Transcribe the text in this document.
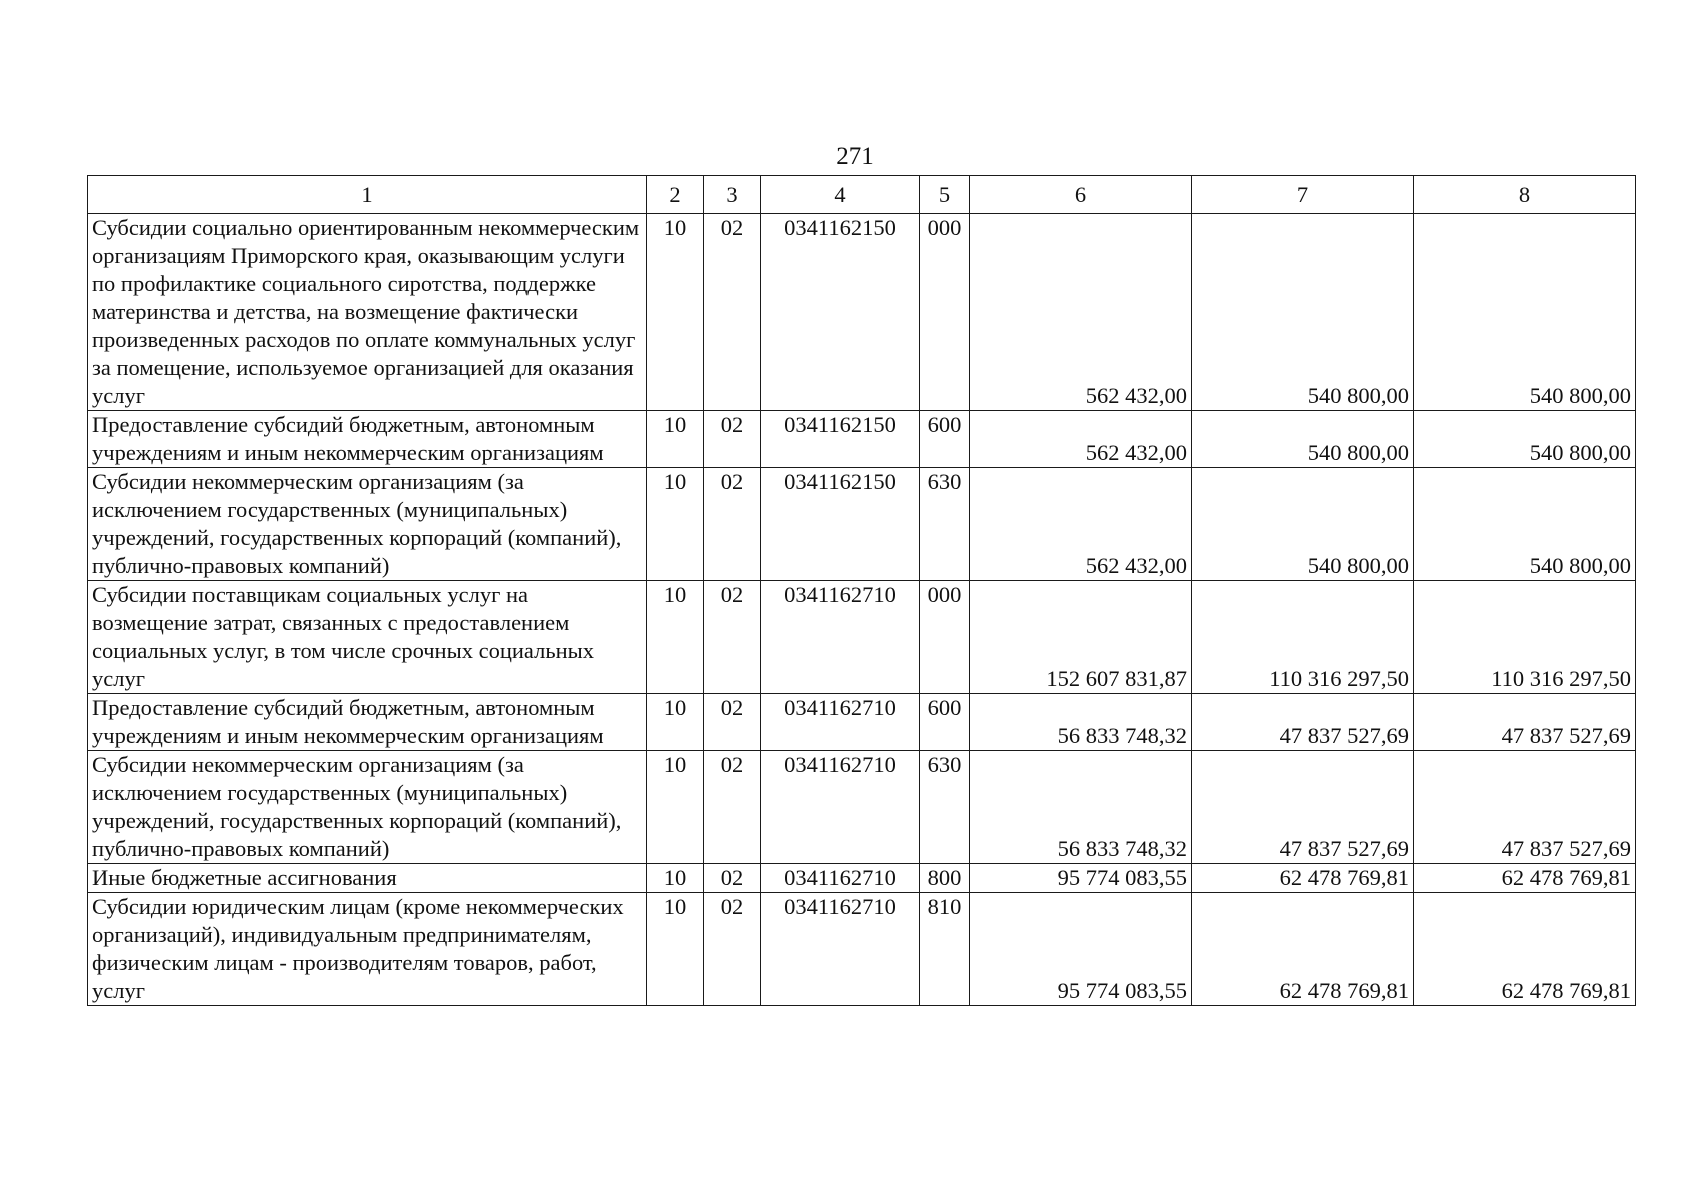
271
1	2	3	4	5	6	7	8
Субсидии социально ориентированным некоммерческим организациям Приморского края, оказывающим услуги по профилактике социального сиротства, поддержке материнства и детства, на возмещение фактически произведенных расходов по оплате коммунальных услуг за помещение, используемое организацией для оказания услуг	10	02	0341162150	000	562 432,00	540 800,00	540 800,00
Предоставление субсидий бюджетным, автономным учреждениям и иным некоммерческим организациям	10	02	0341162150	600	562 432,00	540 800,00	540 800,00
Субсидии некоммерческим организациям (за исключением государственных (муниципальных) учреждений, государственных корпораций (компаний), публично-правовых компаний)	10	02	0341162150	630	562 432,00	540 800,00	540 800,00
Субсидии поставщикам социальных услуг на возмещение затрат, связанных с предоставлением социальных услуг, в том числе срочных социальных услуг	10	02	0341162710	000	152 607 831,87	110 316 297,50	110 316 297,50
Предоставление субсидий бюджетным, автономным учреждениям и иным некоммерческим организациям	10	02	0341162710	600	56 833 748,32	47 837 527,69	47 837 527,69
Субсидии некоммерческим организациям (за исключением государственных (муниципальных) учреждений, государственных корпораций (компаний), публично-правовых компаний)	10	02	0341162710	630	56 833 748,32	47 837 527,69	47 837 527,69
Иные бюджетные ассигнования	10	02	0341162710	800	95 774 083,55	62 478 769,81	62 478 769,81
Субсидии юридическим лицам (кроме некоммерческих организаций), индивидуальным предпринимателям, физическим лицам - производителям товаров, работ, услуг	10	02	0341162710	810	95 774 083,55	62 478 769,81	62 478 769,81
